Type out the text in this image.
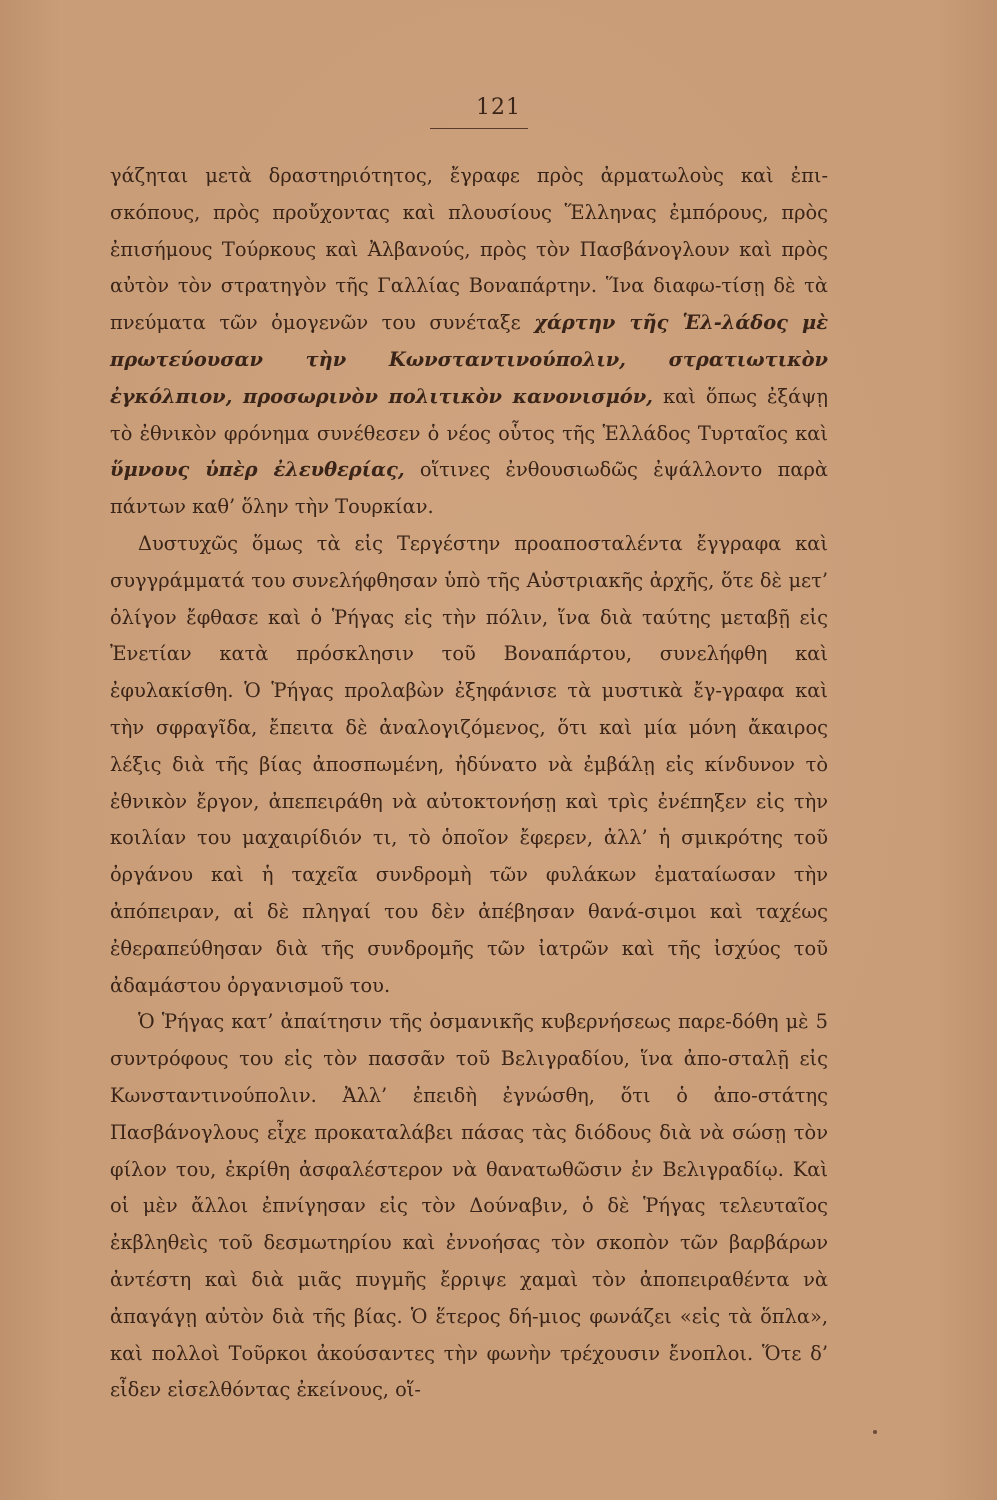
121

γάζηται μετὰ δραστηριότητος, ἔγραφε πρὸς ἀρματωλοὺς καὶ ἐπι-σκόπους, πρὸς προὔχοντας καὶ πλουσίους Ἕλληνας ἐμπόρους, πρὸς ἐπισήμους Τούρκους καὶ Ἀλβανούς, πρὸς τὸν Πασβάνογλουν καὶ πρὸς αὐτὸν τὸν στρατηγὸν τῆς Γαλλίας Βοναπάρτην. Ἵνα διαφω-τίσῃ δὲ τὰ πνεύματα τῶν ὁμογενῶν του συνέταξε χάρτην τῆς Ἑλ-λάδος μὲ πρωτεύουσαν τὴν Κωνσταντινούπολιν, στρατιωτικὸν ἐγκόλπιον, προσωρινὸν πολιτικὸν κανονισμόν, καὶ ὅπως ἐξάψῃ τὸ ἐθνικὸν φρόνημα συνέθεσεν ὁ νέος οὗτος τῆς Ἑλλάδος Τυρταῖος καὶ ὕμνους ὑπὲρ ἐλευθερίας, οἵτινες ἐνθουσιωδῶς ἐψάλλοντο παρὰ πάντων καθ’ ὅλην τὴν Τουρκίαν.

Δυστυχῶς ὅμως τὰ εἰς Τεργέστην προαποσταλέντα ἔγγραφα καὶ συγγράμματά του συνελήφθησαν ὑπὸ τῆς Αὐστριακῆς ἀρχῆς, ὅτε δὲ μετ’ ὀλίγον ἔφθασε καὶ ὁ Ῥήγας εἰς τὴν πόλιν, ἵνα διὰ ταύτης μεταβῇ εἰς Ἐνετίαν κατὰ πρόσκλησιν τοῦ Βοναπάρτου, συνελήφθη καὶ ἐφυλακίσθη. Ὁ Ῥήγας προλαβὼν ἐξηφάνισε τὰ μυστικὰ ἔγ-γραφα καὶ τὴν σφραγῖδα, ἔπειτα δὲ ἀναλογιζόμενος, ὅτι καὶ μία μόνη ἄκαιρος λέξις διὰ τῆς βίας ἀποσπωμένη, ἠδύνατο νὰ ἐμβάλῃ εἰς κίνδυνον τὸ ἐθνικὸν ἔργον, ἀπεπειράθη νὰ αὐτοκτονήσῃ καὶ τρὶς ἐνέπηξεν εἰς τὴν κοιλίαν του μαχαιρίδιόν τι, τὸ ὁποῖον ἔφερεν, ἀλλ’ ἡ σμικρότης τοῦ ὀργάνου καὶ ἡ ταχεῖα συνδρομὴ τῶν φυλάκων ἐματαίωσαν τὴν ἀπόπειραν, αἱ δὲ πληγαί του δὲν ἀπέβησαν θανά-σιμοι καὶ ταχέως ἐθεραπεύθησαν διὰ τῆς συνδρομῆς τῶν ἰατρῶν καὶ τῆς ἰσχύος τοῦ ἀδαμάστου ὀργανισμοῦ του.

Ὁ Ῥήγας κατ’ ἀπαίτησιν τῆς ὀσμανικῆς κυβερνήσεως παρε-δόθη μὲ 5 συντρόφους του εἰς τὸν πασσᾶν τοῦ Βελιγραδίου, ἵνα ἀπο-σταλῇ εἰς Κωνσταντινούπολιν. Ἀλλ’ ἐπειδὴ ἐγνώσθη, ὅτι ὁ ἀπο-στάτης Πασβάνογλους εἶχε προκαταλάβει πάσας τὰς διόδους διὰ νὰ σώσῃ τὸν φίλον του, ἐκρίθη ἀσφαλέστερον νὰ θανατωθῶσιν ἐν Βελιγραδίῳ. Καὶ οἱ μὲν ἄλλοι ἐπνίγησαν εἰς τὸν Δούναβιν, ὁ δὲ Ῥήγας τελευταῖος ἐκβληθεὶς τοῦ δεσμωτηρίου καὶ ἐννοήσας τὸν σκοπὸν τῶν βαρβάρων ἀντέστη καὶ διὰ μιᾶς πυγμῆς ἔρριψε χαμαὶ τὸν ἀποπειραθέντα νὰ ἀπαγάγῃ αὐτὸν διὰ τῆς βίας. Ὁ ἕτερος δή-μιος φωνάζει «εἰς τὰ ὅπλα», καὶ πολλοὶ Τοῦρκοι ἀκούσαντες τὴν φωνὴν τρέχουσιν ἔνοπλοι. Ὅτε δ’ εἶδεν εἰσελθόντας ἐκείνους, οἵ-
